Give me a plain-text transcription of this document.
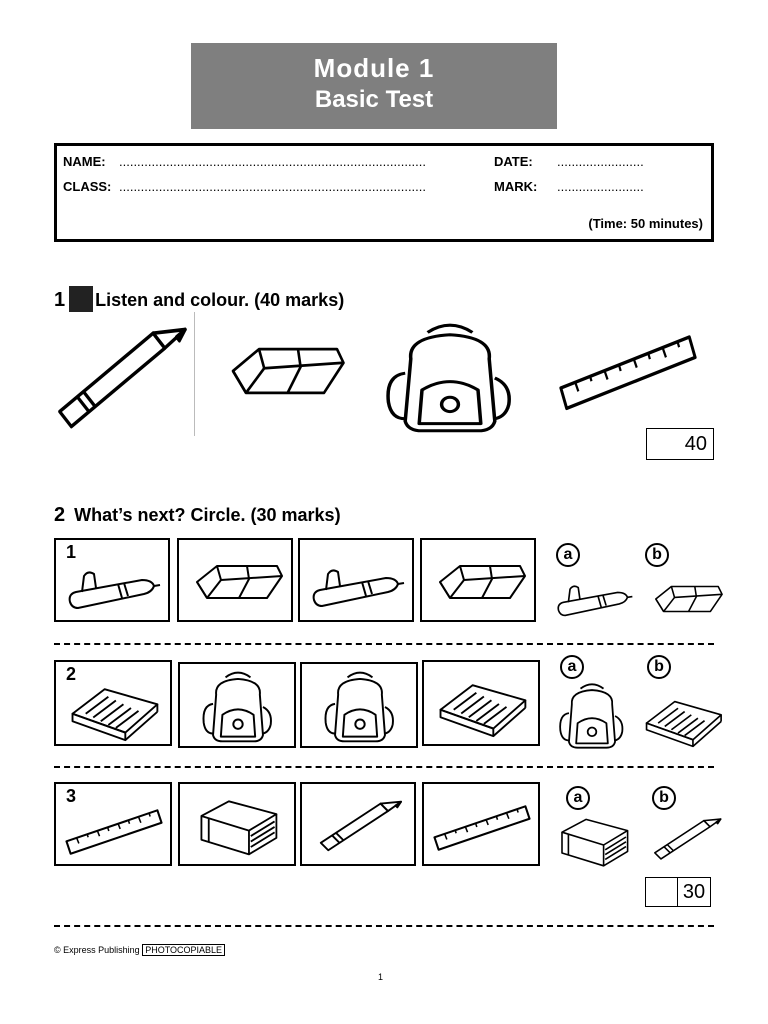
Module 1
Basic Test
NAME: .....................................................................................	DATE: ........................
CLASS: .....................................................................................	MARK: ........................
(Time: 50 minutes)
1 Listen and colour. (40 marks)
40
2 What’s next? Circle. (30 marks)
1	a	b
2	a	b
3	a	b
30
© Express Publishing PHOTOCOPIABLE
1
